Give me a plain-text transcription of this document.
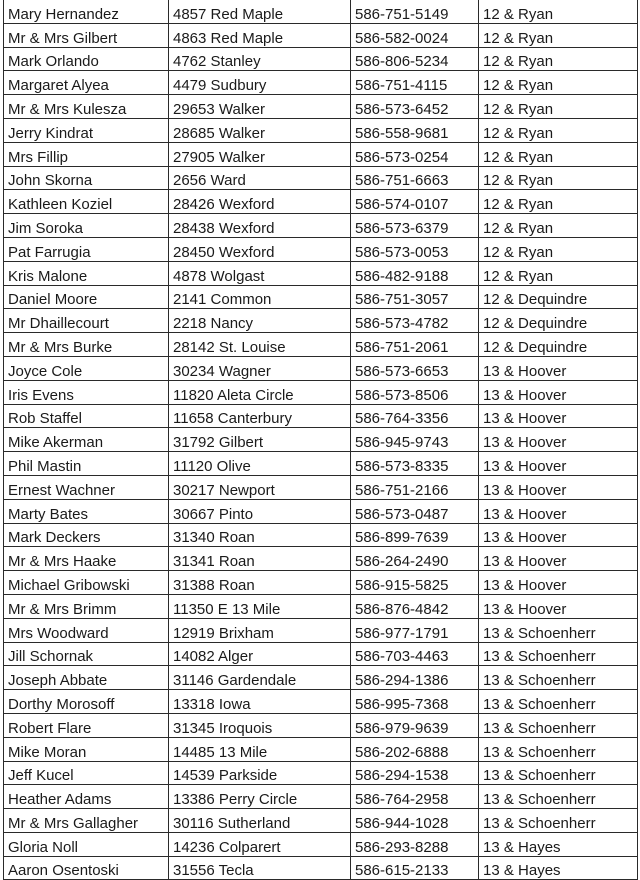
Mary Hernandez	4857 Red Maple	586-751-5149	12 & Ryan
Mr & Mrs Gilbert	4863 Red Maple	586-582-0024	12 & Ryan
Mark Orlando	4762 Stanley	586-806-5234	12 & Ryan
Margaret Alyea	4479 Sudbury	586-751-4115	12 & Ryan
Mr & Mrs Kulesza	29653 Walker	586-573-6452	12 & Ryan
Jerry Kindrat	28685 Walker	586-558-9681	12 & Ryan
Mrs Fillip	27905 Walker	586-573-0254	12 & Ryan
John Skorna	2656 Ward	586-751-6663	12 & Ryan
Kathleen Koziel	28426 Wexford	586-574-0107	12 & Ryan
Jim Soroka	28438 Wexford	586-573-6379	12 & Ryan
Pat Farrugia	28450 Wexford	586-573-0053	12 & Ryan
Kris Malone	4878 Wolgast	586-482-9188	12 & Ryan
Daniel Moore	2141 Common	586-751-3057	12 & Dequindre
Mr Dhaillecourt	2218 Nancy	586-573-4782	12 & Dequindre
Mr & Mrs Burke	28142 St. Louise	586-751-2061	12 & Dequindre
Joyce Cole	30234 Wagner	586-573-6653	13 & Hoover
Iris Evens	11820 Aleta Circle	586-573-8506	13 & Hoover
Rob Staffel	11658 Canterbury	586-764-3356	13 & Hoover
Mike Akerman	31792 Gilbert	586-945-9743	13 & Hoover
Phil Mastin	11120 Olive	586-573-8335	13 & Hoover
Ernest Wachner	30217 Newport	586-751-2166	13 & Hoover
Marty Bates	30667 Pinto	586-573-0487	13 & Hoover
Mark Deckers	31340 Roan	586-899-7639	13 & Hoover
Mr & Mrs Haake	31341 Roan	586-264-2490	13 & Hoover
Michael Gribowski	31388 Roan	586-915-5825	13 & Hoover
Mr & Mrs Brimm	11350 E 13 Mile	586-876-4842	13 & Hoover
Mrs Woodward	12919 Brixham	586-977-1791	13 & Schoenherr
Jill Schornak	14082 Alger	586-703-4463	13 & Schoenherr
Joseph Abbate	31146 Gardendale	586-294-1386	13 & Schoenherr
Dorthy Morosoff	13318 Iowa	586-995-7368	13 & Schoenherr
Robert Flare	31345 Iroquois	586-979-9639	13 & Schoenherr
Mike Moran	14485 13 Mile	586-202-6888	13 & Schoenherr
Jeff Kucel	14539 Parkside	586-294-1538	13 & Schoenherr
Heather Adams	13386 Perry Circle	586-764-2958	13 & Schoenherr
Mr & Mrs Gallagher	30116 Sutherland	586-944-1028	13 & Schoenherr
Gloria Noll	14236 Colparert	586-293-8288	13 & Hayes
Aaron Osentoski	31556 Tecla	586-615-2133	13 & Hayes
